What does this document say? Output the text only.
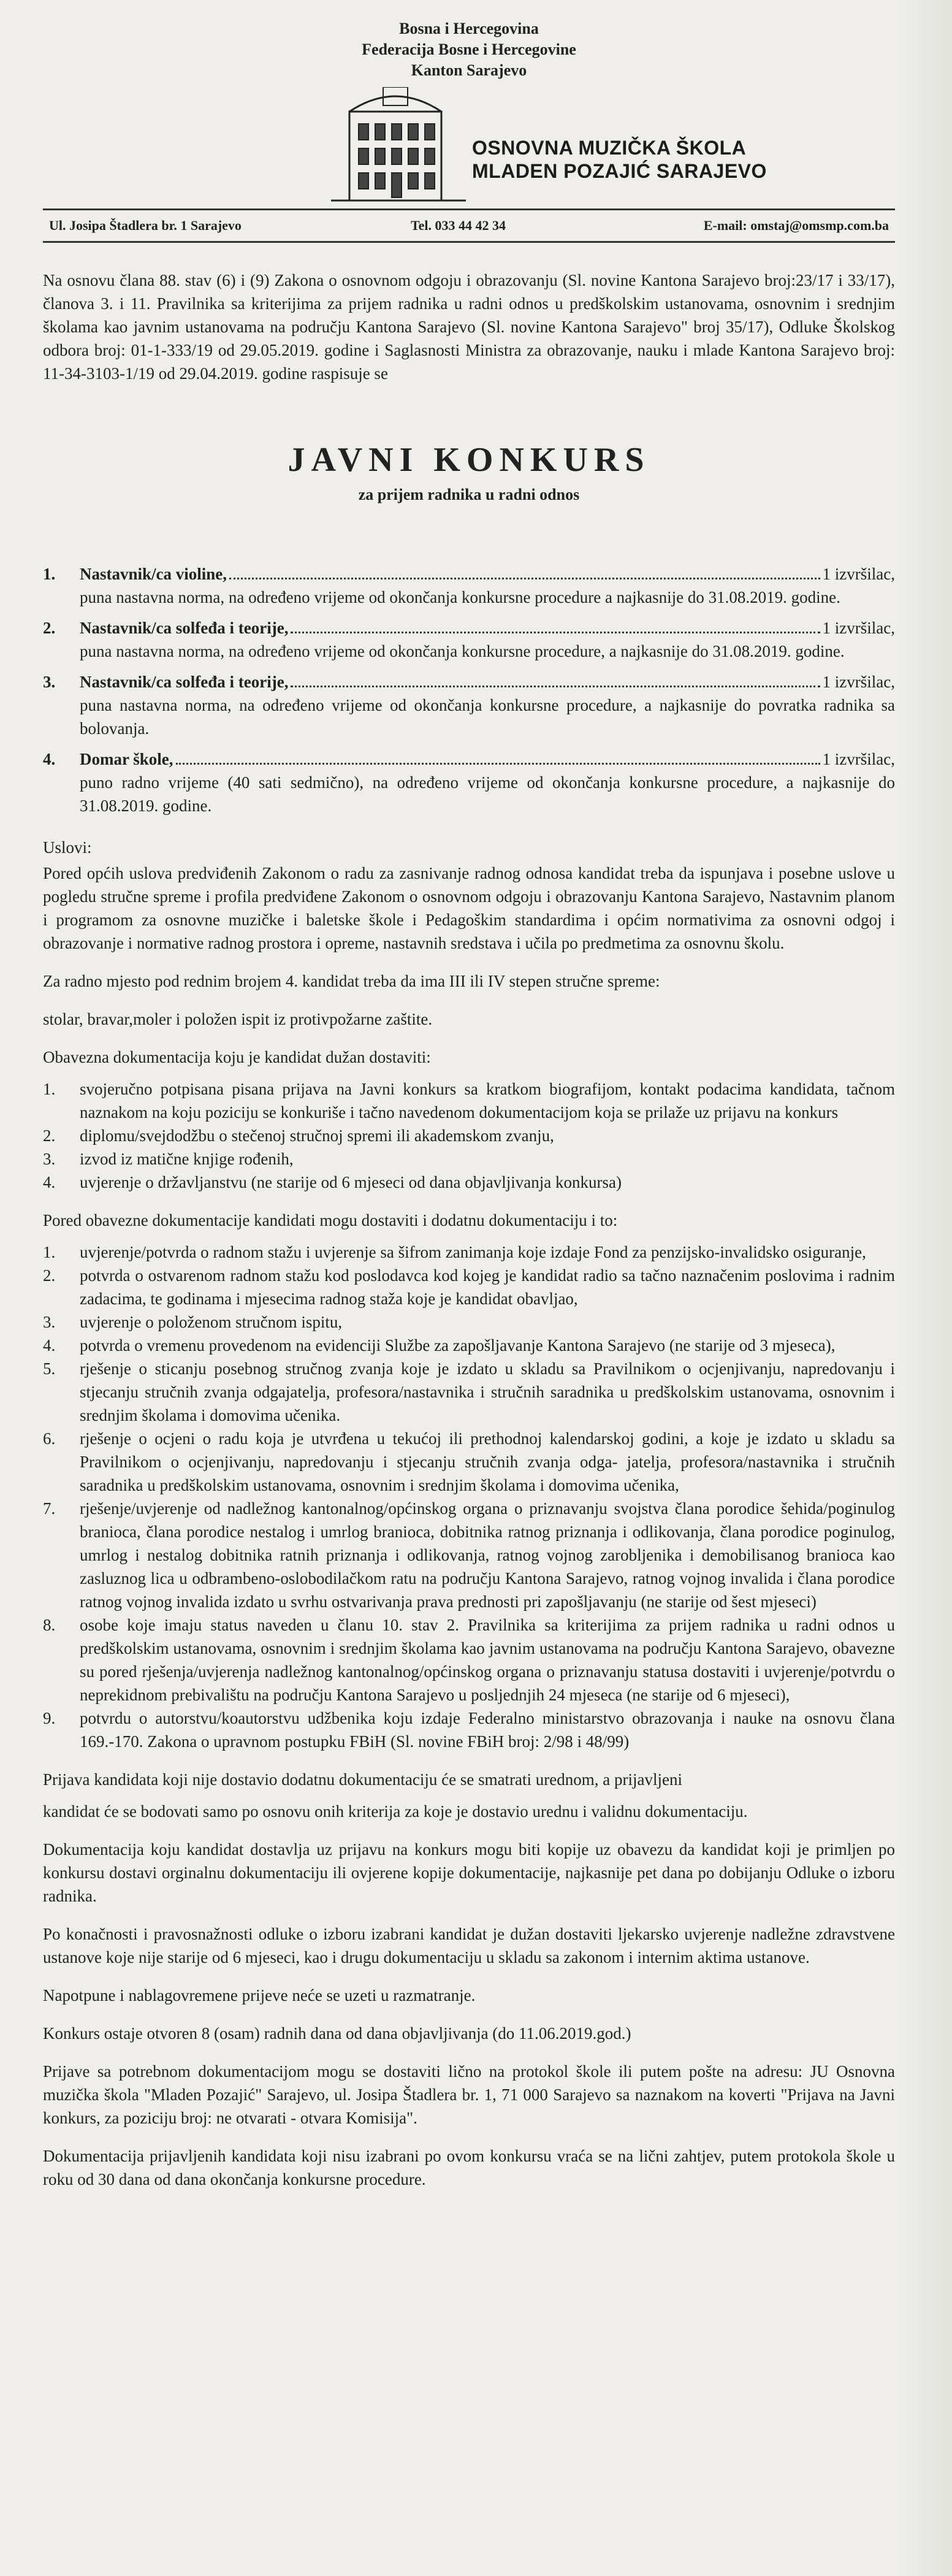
Bosna i Hercegovina
Federacija Bosne i Hercegovine
Kanton Sarajevo
OSNOVNA MUZIČKA ŠKOLA
MLADEN POZAJIĆ SARAJEVO
Ul. Josipa Štadlera br. 1 Sarajevo	Tel. 033 44 42 34	E-mail: omstaj@omsmp.com.ba
Na osnovu člana 88. stav (6) i (9) Zakona o osnovnom odgoju i obrazovanju (Sl. novine Kantona Sarajevo broj:23/17 i 33/17), članova 3. i 11. Pravilnika sa kriterijima za prijem radnika u radni odnos u predškolskim ustanovama, osnovnim i srednjim školama kao javnim ustanovama na području Kantona Sarajevo (Sl. novine Kantona Sarajevo" broj 35/17), Odluke Školskog odbora broj: 01-1-333/19 od 29.05.2019. godine i Saglasnosti Ministra za obrazovanje, nauku i mlade Kantona Sarajevo broj: 11-34-3103-1/19 od 29.04.2019. godine raspisuje se
JAVNI KONKURS
za prijem radnika u radni odnos
1.	Nastavnik/ca violine,	1 izvršilac,
puna nastavna norma, na određeno vrijeme od okončanja konkursne procedure a najkasnije do 31.08.2019. godine.
2.	Nastavnik/ca solfeđa i teorije,	1 izvršilac,
puna nastavna norma, na određeno vrijeme od okončanja konkursne procedure, a najkasnije do 31.08.2019. godine.
3.	Nastavnik/ca solfeđa i teorije,	1 izvršilac,
puna nastavna norma, na određeno vrijeme od okončanja konkursne procedure, a najkasnije do povratka radnika sa bolovanja.
4.	Domar škole,	1 izvršilac,
puno radno vrijeme (40 sati sedmično), na određeno vrijeme od okončanja konkursne procedure, a najkasnije do 31.08.2019. godine.
Uslovi:
Pored općih uslova predviđenih Zakonom o radu za zasnivanje radnog odnosa kandidat treba da ispunjava i posebne uslove u pogledu stručne spreme i profila predviđene Zakonom o osnovnom odgoju i obrazovanju Kantona Sarajevo, Nastavnim planom i programom za osnovne muzičke i baletske škole i Pedagoškim standardima i općim normativima za osnovni odgoj i obrazovanje i normative radnog prostora i opreme, nastavnih sredstava i učila po predmetima za osnovnu školu.
Za radno mjesto pod rednim brojem 4. kandidat treba da ima III ili IV stepen stručne spreme:
stolar, bravar,moler i položen ispit iz protivpožarne zaštite.
Obavezna dokumentacija koju je kandidat dužan dostaviti:
1.	svojeručno potpisana pisana prijava na Javni konkurs sa kratkom biografijom, kontakt podacima kandidata, tačnom naznakom na koju poziciju se konkuriše i tačno navedenom dokumentacijom koja se prilaže uz prijavu na konkurs
2.	diplomu/svejdodžbu o stečenoj stručnoj spremi ili akademskom zvanju,
3.	izvod iz matične knjige rođenih,
4.	uvjerenje o državljanstvu (ne starije od 6 mjeseci od dana objavljivanja konkursa)
Pored obavezne dokumentacije kandidati mogu dostaviti i dodatnu dokumentaciju i to:
1.	uvjerenje/potvrda o radnom stažu i uvjerenje sa šifrom zanimanja koje izdaje Fond za penzijsko-invalidsko osiguranje,
2.	potvrda o ostvarenom radnom stažu kod poslodavca kod kojeg je kandidat radio sa tačno naznačenim poslovima i radnim zadacima, te godinama i mjesecima radnog staža koje je kandidat obavljao,
3.	uvjerenje o položenom stručnom ispitu,
4.	potvrda o vremenu provedenom na evidenciji Službe za zapošljavanje Kantona Sarajevo (ne starije od 3 mjeseca),
5.	rješenje o sticanju posebnog stručnog zvanja koje je izdato u skladu sa Pravilnikom o ocjenjivanju, napredovanju i stjecanju stručnih zvanja odgajatelja, profesora/nastavnika i stručnih saradnika u predškolskim ustanovama, osnovnim i srednjim školama i domovima učenika.
6.	rješenje o ocjeni o radu koja je utvrđena u tekućoj ili prethodnoj kalendarskoj godini, a koje je izdato u skladu sa Pravilnikom o ocjenjivanju, napredovanju i stjecanju stručnih zvanja odga- jatelja, profesora/nastavnika i stručnih saradnika u predškolskim ustanovama, osnovnim i srednjim školama i domovima učenika,
7.	rješenje/uvjerenje od nadležnog kantonalnog/općinskog organa o priznavanju svojstva člana porodice šehida/poginulog branioca, člana porodice nestalog i umrlog branioca, dobitnika ratnog priznanja i odlikovanja, člana porodice poginulog, umrlog i nestalog dobitnika ratnih priznanja i odlikovanja, ratnog vojnog zarobljenika i demobilisanog branioca kao zasluznog lica u odbrambeno-oslobodilačkom ratu na području Kantona Sarajevo, ratnog vojnog invalida i člana porodice ratnog vojnog invalida izdato u svrhu ostvarivanja prava prednosti pri zapošljavanju (ne starije od šest mjeseci)
8.	osobe koje imaju status naveden u članu 10. stav 2. Pravilnika sa kriterijima za prijem radnika u radni odnos u predškolskim ustanovama, osnovnim i srednjim školama kao javnim ustanovama na području Kantona Sarajevo, obavezne su pored rješenja/uvjerenja nadležnog kantonalnog/općinskog organa o priznavanju statusa dostaviti i uvjerenje/potvrdu o neprekidnom prebivalištu na području Kantona Sarajevo u posljednjih 24 mjeseca (ne starije od 6 mjeseci),
9.	potvrdu o autorstvu/koautorstvu udžbenika koju izdaje Federalno ministarstvo obrazovanja i nauke na osnovu člana 169.-170. Zakona o upravnom postupku FBiH (Sl. novine FBiH broj: 2/98 i 48/99)
Prijava kandidata koji nije dostavio dodatnu dokumentaciju će se smatrati urednom, a prijavljeni
kandidat će se bodovati samo po osnovu onih kriterija za koje je dostavio urednu i validnu dokumentaciju.
Dokumentacija koju kandidat dostavlja uz prijavu na konkurs mogu biti kopije uz obavezu da kandidat koji je primljen po konkursu dostavi orginalnu dokumentaciju ili ovjerene kopije dokumentacije, najkasnije pet dana po dobijanju Odluke o izboru radnika.
Po konačnosti i pravosnažnosti odluke o izboru izabrani kandidat je dužan dostaviti ljekarsko uvjerenje nadležne zdravstvene ustanove koje nije starije od 6 mjeseci, kao i drugu dokumentaciju u skladu sa zakonom i internim aktima ustanove.
Napotpune i nablagovremene prijeve neće se uzeti u razmatranje.
Konkurs ostaje otvoren 8 (osam) radnih dana od dana objavljivanja (do 11.06.2019.god.)
Prijave sa potrebnom dokumentacijom mogu se dostaviti lično na protokol škole ili putem pošte na adresu: JU Osnovna muzička škola "Mladen Pozajić" Sarajevo, ul. Josipa Štadlera br. 1, 71 000 Sarajevo sa naznakom na koverti "Prijava na Javni konkurs, za poziciju broj: ne otvarati - otvara Komisija".
Dokumentacija prijavljenih kandidata koji nisu izabrani po ovom konkursu vraća se na lični zahtjev, putem protokola škole u roku od 30 dana od dana okončanja konkursne procedure.
